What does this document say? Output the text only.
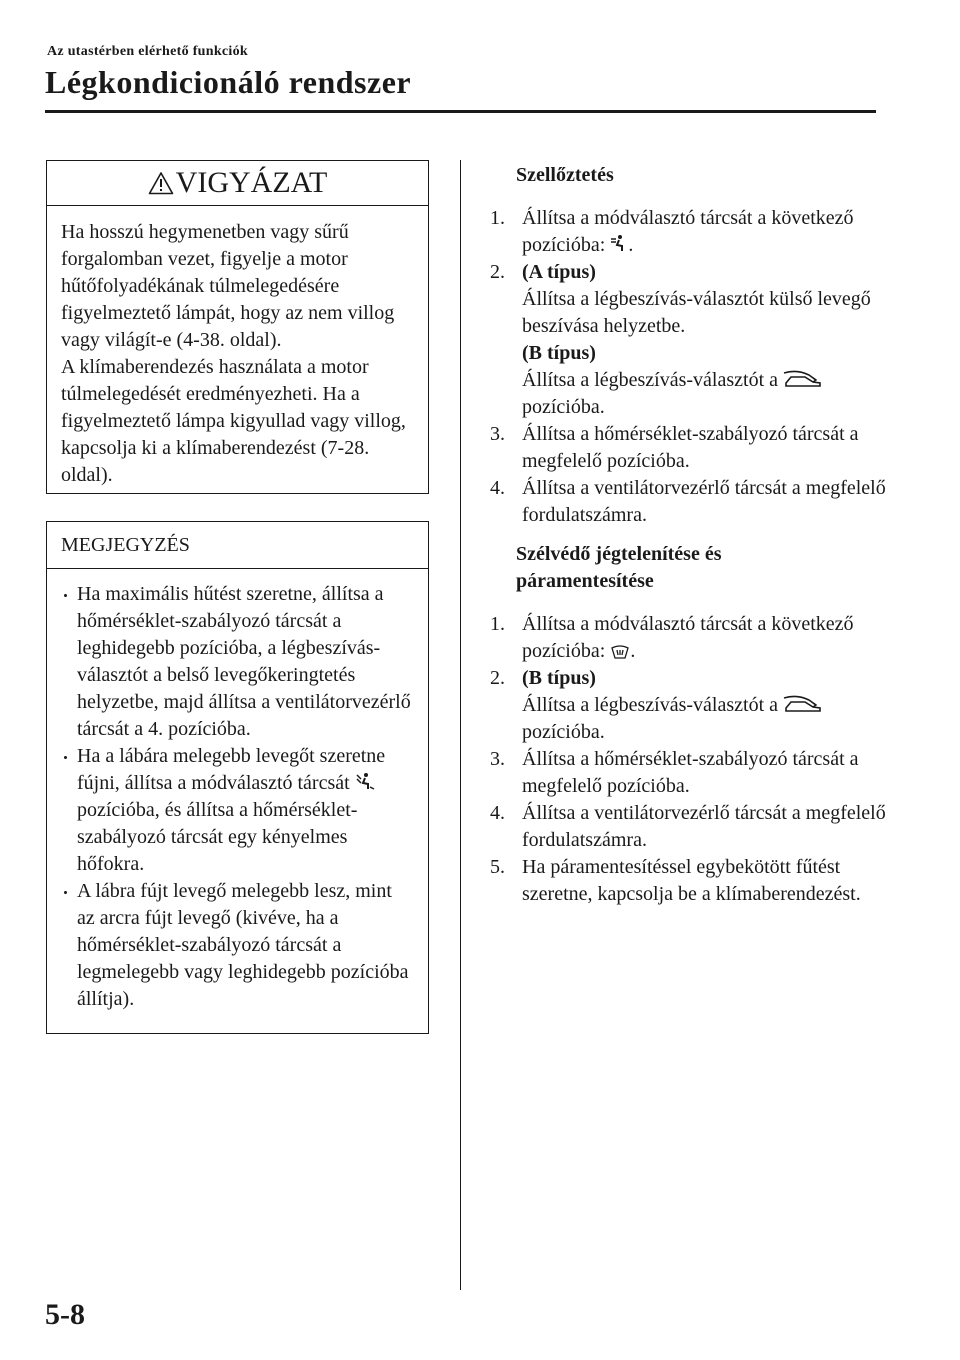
Az utastérben elérhető funkciók
Légkondicionáló rendszer
VIGYÁZAT

Ha hosszú hegymenetben vagy sűrű forgalomban vezet, figyelje a motor hűtőfolyadékának túlmelegedésére figyelmeztető lámpát, hogy az nem villog vagy világít-e (4-38. oldal).

A klímaberendezés használata a motor túlmelegedését eredményezheti. Ha a figyelmeztető lámpa kigyullad vagy villog, kapcsolja ki a klímaberendezést (7-28. oldal).

MEGJEGYZÉS
Ha maximális hűtést szeretne, állítsa a hőmérséklet-szabályozó tárcsát a leghidegebb pozícióba, a légbeszívás-választót a belső levegőkeringtetés helyzetbe, majd állítsa a ventilátorvezérlő tárcsát a 4. pozícióba.
Ha a lábára melegebb levegőt szeretne fújni, állítsa a módválasztó tárcsát  pozícióba, és állítsa a hőmérséklet-szabályozó tárcsát egy kényelmes hőfokra.
A lábra fújt levegő melegebb lesz, mint az arcra fújt levegő (kivéve, ha a hőmérséklet-szabályozó tárcsát a legmelegebb vagy leghidegebb pozícióba állítja).
Szellőztetés
1. Állítsa a módválasztó tárcsát a következő pozícióba: .
2. (A típus)
Állítsa a légbeszívás-választót külső levegő beszívása helyzetbe.
(B típus)
Állítsa a légbeszívás-választót a
pozícióba.
3. Állítsa a hőmérséklet-szabályozó tárcsát a megfelelő pozícióba.
4. Állítsa a ventilátorvezérlő tárcsát a megfelelő fordulatszámra.
Szélvédő jégtelenítése és
páramentesítése
1. Állítsa a módválasztó tárcsát a következő pozícióba: .
2. (B típus)
Állítsa a légbeszívás-választót a
pozícióba.
3. Állítsa a hőmérséklet-szabályozó tárcsát a megfelelő pozícióba.
4. Állítsa a ventilátorvezérlő tárcsát a megfelelő fordulatszámra.
5. Ha páramentesítéssel egybekötött fűtést szeretne, kapcsolja be a klímaberendezést.
5-8
